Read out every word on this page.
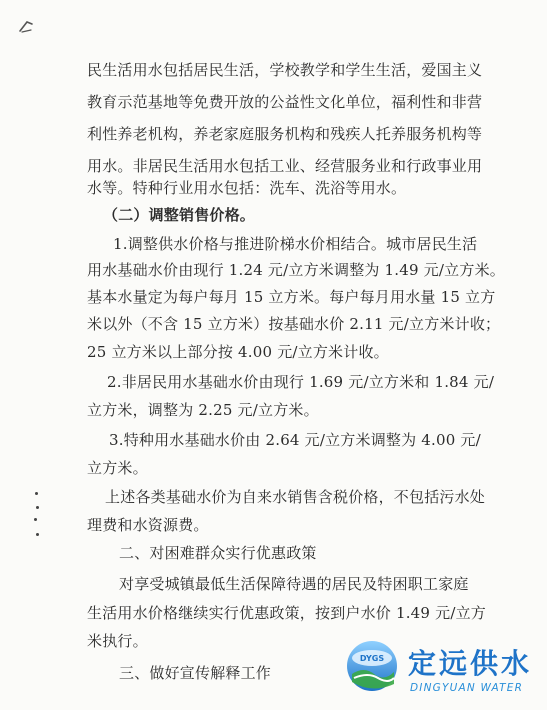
民生活用水包括居民生活，学校教学和学生生活，爱国主义
教育示范基地等免费开放的公益性文化单位，福利性和非营
利性养老机构，养老家庭服务机构和残疾人托养服务机构等
用水。非居民生活用水包括工业、经营服务业和行政事业用
水等。特种行业用水包括：洗车、洗浴等用水。
（二）调整销售价格。
1.调整供水价格与推进阶梯水价相结合。城市居民生活
用水基础水价由现行 1.24 元/立方米调整为 1.49 元/立方米。
基本水量定为每户每月 15 立方米。每户每月用水量 15 立方
米以外（不含 15 立方米）按基础水价 2.11 元/立方米计收；
25 立方米以上部分按 4.00 元/立方米计收。
2.非居民用水基础水价由现行 1.69 元/立方米和 1.84 元/
立方米，调整为 2.25 元/立方米。
3.特种用水基础水价由 2.64 元/立方米调整为 4.00 元/
立方米。
上述各类基础水价为自来水销售含税价格，不包括污水处
理费和水资源费。
二、对困难群众实行优惠政策
对享受城镇最低生活保障待遇的居民及特困职工家庭
生活用水价格继续实行优惠政策，按到户水价 1.49 元/立方
米执行。
三、做好宣传解释工作
DYGS 定远供水
DINGYUAN WATER
